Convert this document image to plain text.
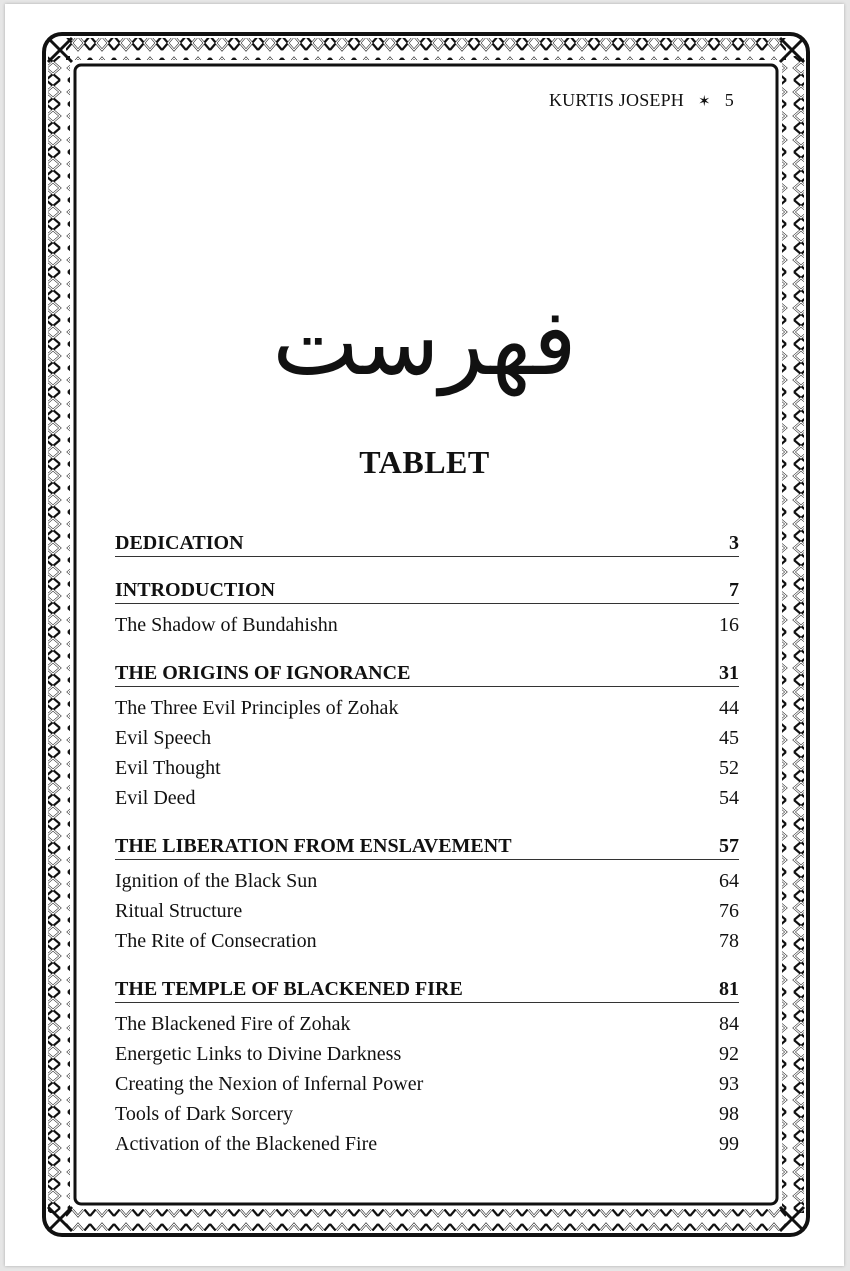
KURTIS JOSEPH ✶ 5
فهرست
TABLET
DEDICATION	3
INTRODUCTION	7
The Shadow of Bundahishn	16
THE ORIGINS OF IGNORANCE	31
The Three Evil Principles of Zohak	44
Evil Speech	45
Evil Thought	52
Evil Deed	54
THE LIBERATION FROM ENSLAVEMENT	57
Ignition of the Black Sun	64
Ritual Structure	76
The Rite of Consecration	78
THE TEMPLE OF BLACKENED FIRE	81
The Blackened Fire of Zohak	84
Energetic Links to Divine Darkness	92
Creating the Nexion of Infernal Power	93
Tools of Dark Sorcery	98
Activation of the Blackened Fire	99
